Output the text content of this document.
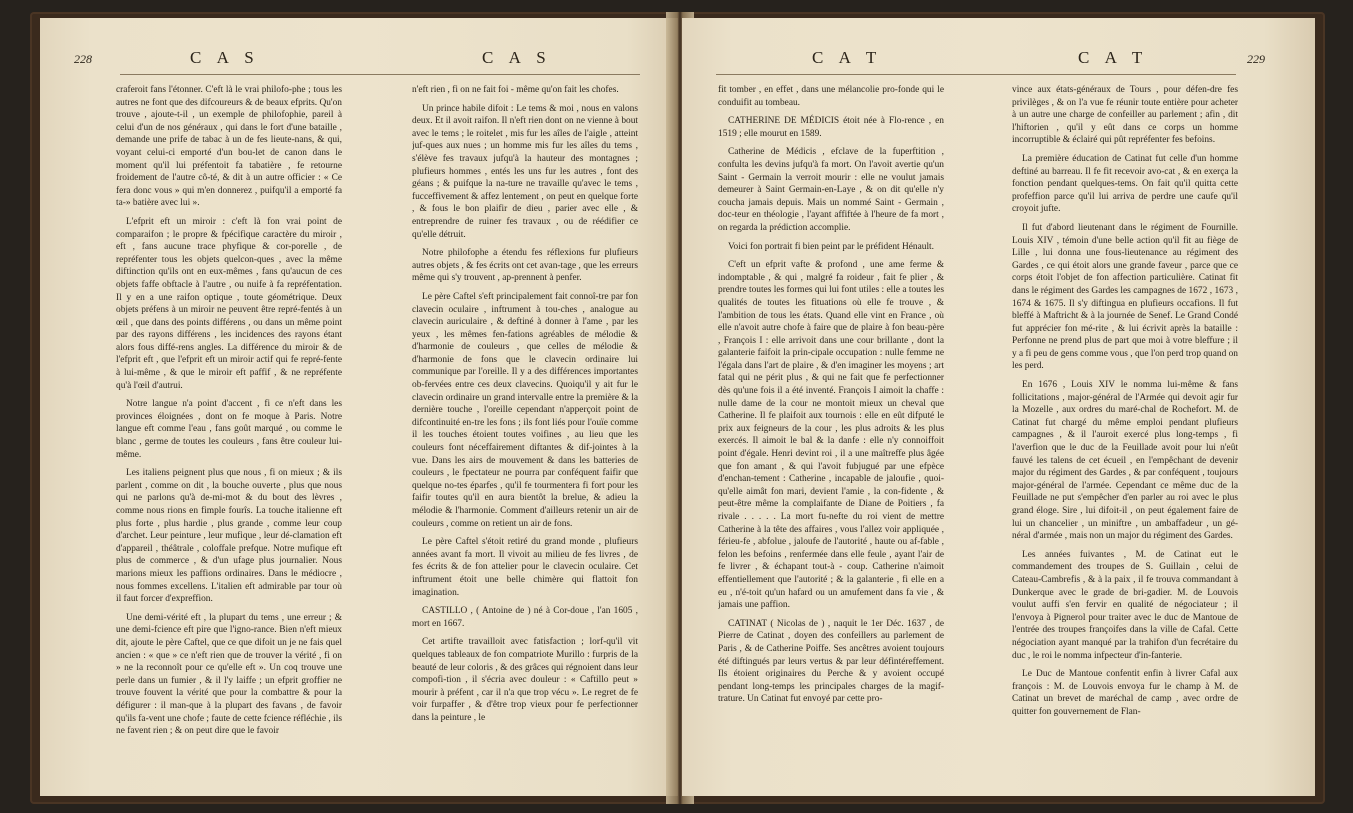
228	C A S	C A S

craferoit fans l'étonner. C'eft là le vrai philofo-phe ; tous les autres ne font que des difcoureurs & de beaux efprits. Qu'on trouve , ajoute-t-il , un exemple de philofophie, pareil à celui d'un de nos généraux , qui dans le fort d'une bataille , demande une prife de tabac à un de fes lieute-nans, & qui, voyant celui-ci emporté d'un bou-let de canon dans le moment qu'il lui préfentoit fa tabatière , fe retourne froidement de l'autre cô-té, & dit à un autre officier : « Ce fera donc vous » qui m'en donnerez , puifqu'il a emporté fa ta-» batière avec lui ».

L'efprit eft un miroir : c'eft là fon vrai point de comparaifon ; le propre & fpécifique caractère du miroir , eft , fans aucune trace phyfique & cor-porelle , de repréfenter tous les objets quelcon-ques , avec la même diftinction qu'ils ont en eux-mêmes , fans qu'aucun de ces objets faffe obftacle à l'autre , ou nuife à fa repréfentation. Il y en a une raifon optique , toute géométrique. Deux objets préfens à un miroir ne peuvent être repré-fentés à un œil , que dans des points différens , ou dans un même point par des rayons différens , les incidences des rayons étant alors fous diffé-rens angles. La différence du miroir & de l'efprit eft , que l'efprit eft un miroir actif qui fe repré-fente à lui-même , & que le miroir eft paffif , & ne repréfente qu'à l'œil d'autrui.

Notre langue n'a point d'accent , fi ce n'eft dans les provinces éloignées , dont on fe moque à Paris. Notre langue eft comme l'eau , fans goût marqué , ou comme le blanc , germe de toutes les couleurs , fans être couleur lui-même.

Les italiens peignent plus que nous , fi on mieux ; & ils parlent , comme on dit , la bouche ouverte , plus que nous qui ne parlons qu'à de-mi-mot & du bout des lèvres , comme nous rions en fimple fourîs. La touche italienne eft plus forte , plus hardie , plus grande , comme leur coup d'archet. Leur peinture , leur mufique , leur dé-clamation eft d'appareil , théâtrale , coloffale prefque. Notre mufique eft plus de commerce , & d'un ufage plus journalier. Nous marions mieux les paffions ordinaires. Dans le médiocre , nous fommes excellens. L'italien eft admirable par tour où il faut forcer d'expreffion.

Une demi-vérité eft , la plupart du tems , une erreur ; & une demi-fcience eft pire que l'igno-rance. Bien n'eft mieux dit, ajoute le père Caftel, que ce que difoit un je ne fais quel ancien : « que » ce n'eft rien que de trouver la vérité , fi on » ne la reconnoît pour ce qu'elle eft ». Un coq trouve une perle dans un fumier , & il l'y laiffe ; un efprit groffier ne trouve fouvent la vérité que pour la combattre & pour la défigurer : il man-que à la plupart des favans , de favoir qu'ils fa-vent une chofe ; faute de cette fcience réfléchie , ils ne favent rien ; & on peut dire que le favoir

n'eft rien , fi on ne fait foi - même qu'on fait les chofes.

Un prince habile difoit : Le tems & moi , nous en valons deux. Et il avoit raifon. Il n'eft rien dont on ne vienne à bout avec le tems ; le roitelet , mis fur les aîles de l'aigle , atteint juf-ques aux nues ; un homme mis fur les aîles du tems , s'élève fes travaux jufqu'à la hauteur des montagnes ; plufieurs hommes , entés les uns fur les autres , font des géans ; & puifque la na-ture ne travaille qu'avec le tems , fucceffivement & affez lentement , on peut en quelque forte , & fous le bon plaifir de dieu , parier avec elle , & entreprendre de ruiner fes travaux , ou de réédifier ce qu'elle détruit.

Notre philofophe a étendu fes réflexions fur plufieurs autres objets , & fes écrits ont cet avan-tage , que les erreurs même qui s'y trouvent , ap-prennent à penfer.

Le père Caftel s'eft principalement fait connoî-tre par fon clavecin oculaire , inftrument à tou-ches , analogue au clavecin auriculaire , & deftiné à donner à l'ame , par les yeux , les mêmes fen-fations agréables de mélodie & d'harmonie de couleurs , que celles de mélodie & d'harmonie de fons que le clavecin ordinaire lui communique par l'oreille. Il y a des différences importantes ob-fervées entre ces deux clavecins. Quoiqu'il y ait fur le clavecin ordinaire un grand intervalle entre la première & la dernière touche , l'oreille cependant n'apperçoit point de difcontinuité en-tre les fons ; ils font liés pour l'ouïe comme il les touches étoient toutes voifines , au lieu que les couleurs font néceffairement diftantes & dif-jointes à la vue. Dans les airs de mouvement & dans les batteries de couleurs , le fpectateur ne pourra par conféquent faifir que quelque no-tes éparfes , qu'il fe tourmentera fi fort pour les faifir toutes qu'il en aura bientôt la brelue, & adieu la mélodie & l'harmonie. Comment d'ailleurs retenir un air de couleurs , comme on retient un air de fons.

Le père Caftel s'étoit retiré du grand monde , plufieurs années avant fa mort. Il vivoit au milieu de fes livres , de fes écrits & de fon attelier pour le clavecin oculaire. Cet inftrument étoit une belle chimère qui flattoit fon imagination.

CASTILLO , ( Antoine de ) né à Cor-doue , l'an 1605 , mort en 1667.

Cet artifte travailloit avec fatisfaction ; lorf-qu'il vit quelques tableaux de fon compatriote Murillo : furpris de la beauté de leur coloris , & des grâces qui régnoient dans leur compofi-tion , il s'écria avec douleur : « Caftillo peut » mourir à préfent , car il n'a que trop vécu ». Le regret de fe voir furpaffer , & d'être trop vieux pour fe perfectionner dans la peinture , le

C A T	C A T	229

fit tomber , en effet , dans une mélancolie pro-fonde qui le conduifit au tombeau.

CATHERINE DE MÉDICIS étoit née à Flo-rence , en 1519 ; elle mourut en 1589.

Catherine de Médicis , efclave de la fuperftition , confulta les devins jufqu'à fa mort. On l'avoit avertie qu'un Saint - Germain la verroit mourir : elle ne voulut jamais demeurer à Saint Germain-en-Laye , & on dit qu'elle n'y coucha jamais depuis. Mais un nommé Saint - Germain , doc-teur en théologie , l'ayant affiftée à l'heure de fa mort , on regarda la prédiction accomplie.

Voici fon portrait fi bien peint par le préfident Hénault.

C'eft un efprit vafte & profond , une ame ferme & indomptable , & qui , malgré fa roideur , fait fe plier , & prendre toutes les formes qui lui font utiles : elle a toutes les qualités de toutes les fituations où elle fe trouve , & l'ambition de tous les états. Quand elle vint en France , où elle n'avoit autre chofe à faire que de plaire à fon beau-père , François I : elle arrivoit dans une cour brillante , dont la galanterie faifoit la prin-cipale occupation : nulle femme ne l'égala dans l'art de plaire , & d'en imaginer les moyens ; art fatal qui ne périt plus , & qui ne fait que fe perfectionner dès qu'une fois il a été inventé. François I aimoit la chaffe : nulle dame de la cour ne montoit mieux un cheval que Catherine. Il fe plaifoit aux tournois : elle en eût difputé le prix aux feigneurs de la cour , les plus adroits & les plus exercés. Il aimoit le bal & la danfe : elle n'y connoiffoit point d'égale. Henri devint roi , il a une maîtreffe plus âgée que fon amant , & qui l'avoit fubjugué par une efpèce d'enchan-tement : Catherine , incapable de jaloufie , quoi-qu'elle aimât fon mari, devient l'amie , la con-fidente , & peut-être même la complaifante de Diane de Poitiers , fa rivale . . . . . La mort fu-nefte du roi vient de mettre Catherine à la tête des affaires , vous l'allez voir appliquée , férieu-fe , abfolue , jaloufe de l'autorité , haute ou af-fable , felon les befoins , renfermée dans elle feule , ayant l'air de fe livrer , & échapant tout-à - coup. Catherine n'aimoit effentiellement que l'autorité ; & la galanterie , fi elle en a eu , n'é-toit qu'un hafard ou un amufement dans fa vie , & jamais une paffion.

CATINAT ( Nicolas de ) , naquit le 1er Déc. 1637 , de Pierre de Catinat , doyen des confeillers au parlement de Paris , & de Catherine Poiffe. Ses ancêtres avoient toujours été diftingués par leurs vertus & par leur défintéreffement. Ils étoient originaires du Perche & y avoient occupé pendant long-temps les principales charges de la magif-trature. Un Catinat fut envoyé par cette pro-

vince aux états-généraux de Tours , pour défen-dre fes privilèges , & on l'a vue fe réunir toute entière pour acheter à un autre une charge de confeiller au parlement ; afin , dit l'hiftorien , qu'il y eût dans ce corps un homme incorruptible & éclairé qui pût repréfenter fes befoins.

La première éducation de Catinat fut celle d'un homme deftiné au barreau. Il fe fit recevoir avo-cat , & en exerça la fonction pendant quelques-tems. On fait qu'il quitta cette profeffion parce qu'il lui arriva de perdre une caufe qu'il croyoit jufte.

Il fut d'abord lieutenant dans le régiment de Fournille. Louis XIV , témoin d'une belle action qu'il fit au fiège de Lille , lui donna une fous-lieutenance au régiment des Gardes , ce qui étoit alors une grande faveur , parce que ce corps étoit l'objet de fon affection particulière. Catinat fit dans le régiment des Gardes les campagnes de 1672 , 1673 , 1674 & 1675. Il s'y diftingua en plufieurs occafions. Il fut bleffé à Maftricht & à la journée de Senef. Le Grand Condé fut apprécier fon mé-rite , & lui écrivit après la bataille : Perfonne ne prend plus de part que moi à votre bleffure ; il y a fi peu de gens comme vous , que l'on perd trop quand on les perd.

En 1676 , Louis XIV le nomma lui-même & fans follicitations , major-général de l'Armée qui devoit agir fur la Mozelle , aux ordres du maré-chal de Rochefort. M. de Catinat fut chargé du même emploi pendant plufieurs campagnes , & il l'auroit exercé plus long-temps , fi l'averfion que le duc de la Feuillade avoit pour lui n'eût fauvé les talens de cet écueil , en l'empêchant de devenir major du régiment des Gardes , & par conféquent , toujours major-général de l'armée. Cependant ce même duc de la Feuillade ne put s'empêcher d'en parler au roi avec le plus grand éloge. Sire , lui difoit-il , on peut également faire de lui un chancelier , un miniftre , un ambaffadeur , un gé-néral d'armée , mais non un major du régiment des Gardes.

Les années fuivantes , M. de Catinat eut le commandement des troupes de S. Guillain , celui de Cateau-Cambrefis , & à la paix , il fe trouva commandant à Dunkerque avec le grade de bri-gadier. M. de Louvois voulut auffi s'en fervir en qualité de négociateur ; il l'envoya à Pignerol pour traiter avec le duc de Mantoue de l'entrée des troupes françoifes dans la ville de Cafal. Cette négociation ayant manqué par la trahifon d'un fecrétaire du duc , le roi le nomma infpecteur d'in-fanterie.

Le Duc de Mantoue confentit enfin à livrer Cafal aux françois : M. de Louvois envoya fur le champ à M. de Catinat un brevet de maréchal de camp , avec ordre de quitter fon gouvernement de Flan-
